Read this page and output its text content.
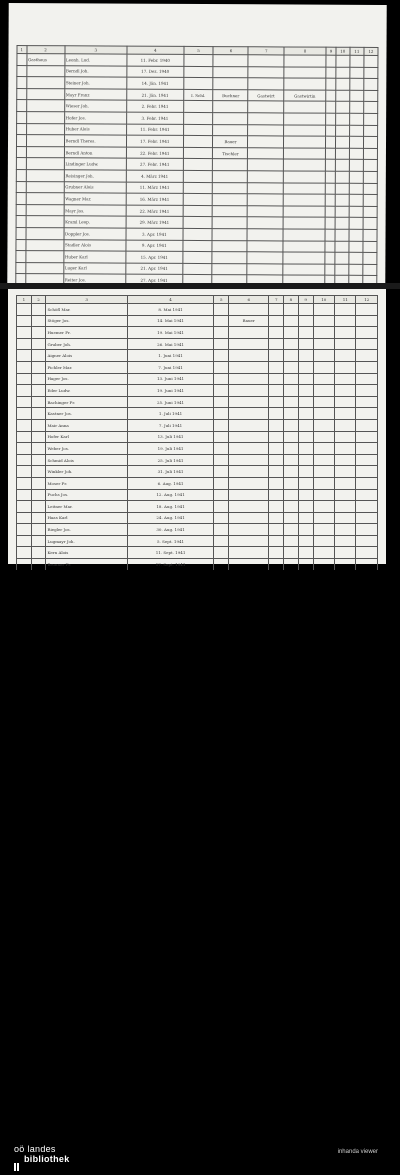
1	2	3	4	5	6	7	8	9	10	11	12
	Gasthaus	Leonh. Lud.	11. Febr. 1940								
		Berndl Joh.	17. Dez. 1940								
		Steiner Joh.	14. Jän. 1941								
		Mayr Franz	21. Jän. 1941	I. Schl.	Buchner	Gastwirt	Gastwirtin				
		Wieser Joh.	2. Febr. 1941								
		Hofer Jos.	3. Febr. 1941								
		Huber Alois	11. Febr. 1941								
		Berndl Theres.	17. Febr. 1941		Bauer						
		Berndl Anton	22. Febr. 1941		Tischler						
		Lindinger Ludw.	27. Febr. 1941								
		Reisinger Joh.	4. März 1941								
		Grubner Alois	11. März 1941								
		Wagner Mar.	16. März 1941								
		Mayr Jos.	22. März 1941								
		Kraml Leop.	29. März 1941								
		Doppler Jos.	3. Apr. 1941								
		Stadler Alois	9. Apr. 1941								
		Huber Karl	15. Apr. 1941								
		Luger Karl	21. Apr. 1941								
		Reiter Jos.	27. Apr. 1941								

1	2	3	4	5	6	7	8	9	10	11	12
		Schöfl Mar.	8. Mai 1941								
		Stöger Jos.	14. Mai 1941		Bauer						
		Huemer Fr.	19. Mai 1941								
		Gruber Joh.	26. Mai 1941								
		Aigner Alois	1. Juni 1941								
		Pichler Mar.	7. Juni 1941								
		Hager Jos.	13. Juni 1941								
		Eder Ludw.	19. Juni 1941								
		Bachinger Fr.	25. Juni 1941								
		Kastner Jos.	1. Juli 1941								
		Mair Anna	7. Juli 1941								
		Hofer Karl	13. Juli 1941								
		Weber Jos.	19. Juli 1941								
		Schmid Alois	25. Juli 1941								
		Winkler Joh.	31. Juli 1941								
		Moser Fr.	6. Aug. 1941								
		Fuchs Jos.	12. Aug. 1941								
		Leitner Mar.	18. Aug. 1941								
		Haas Karl	24. Aug. 1941								
		Riegler Jos.	30. Aug. 1941								
		Lugmayr Joh.	5. Sept. 1941								
		Kern Alois	11. Sept. 1941								
		Brunner Fr.	17. Sept. 1941								

oö landes
bibliothek
inhanda viewer
